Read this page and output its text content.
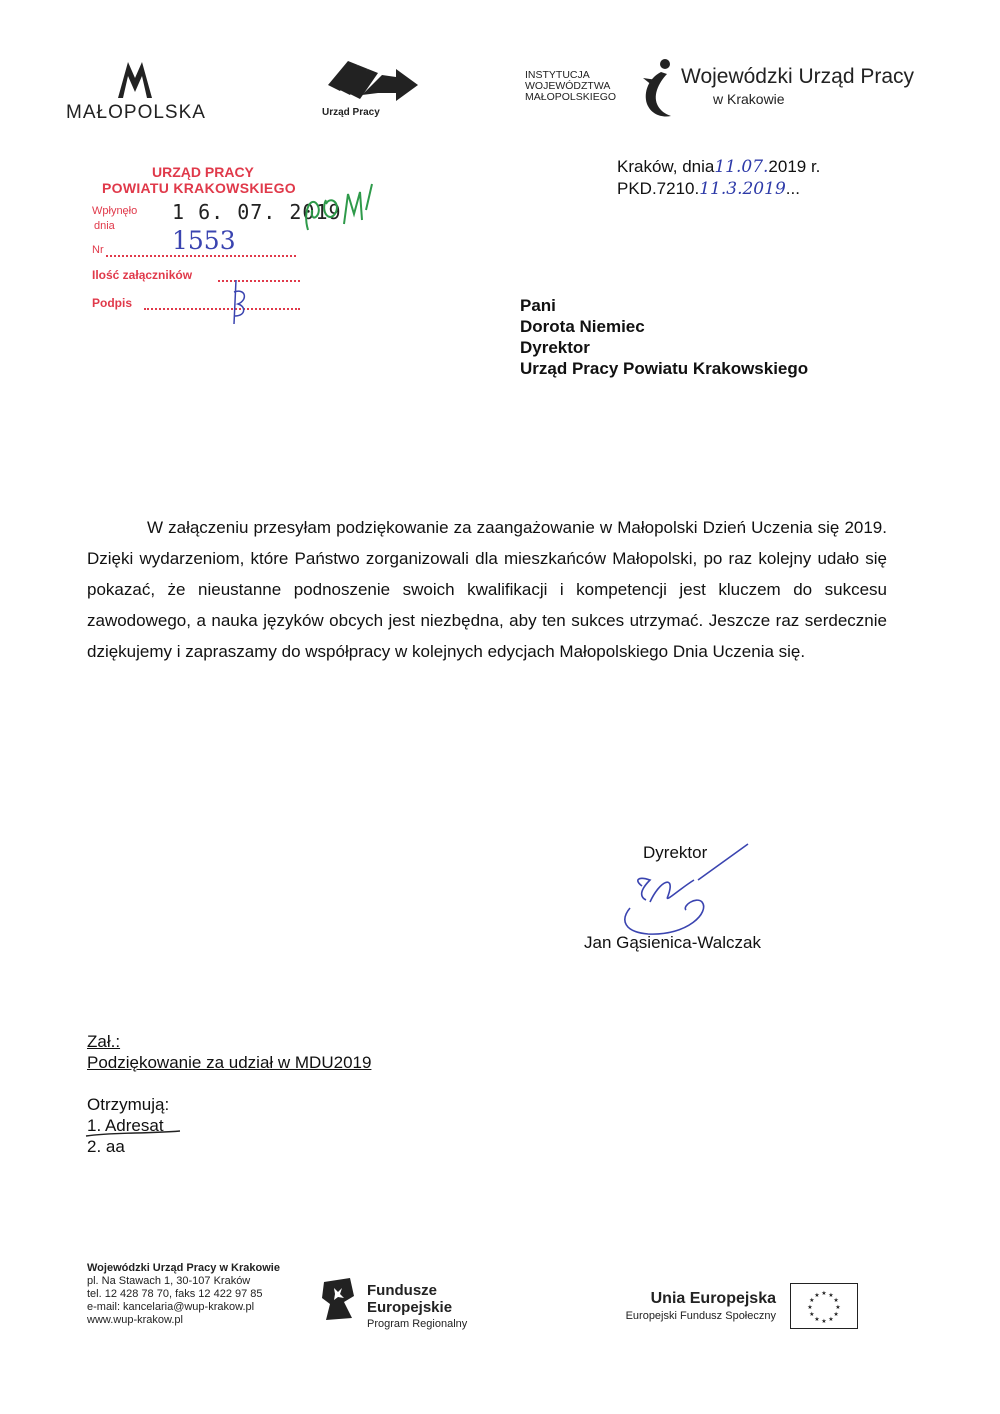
MAŁOPOLSKA	Urząd Pracy
INSTYTUCJA
WOJEWÓDZTWA
MAŁOPOLSKIEGO
Wojewódzki Urząd Pracy
w Krakowie
URZĄD PRACY
POWIATU KRAKOWSKIEGO
Wpłynęło 1 6. 07. 2019
dnia 1553
Nr
Ilość załączników
Podpis
Kraków, dnia11.07.2019 r.
PKD.7210.11.3.2019...
Pani
Dorota Niemiec
Dyrektor
Urząd Pracy Powiatu Krakowskiego
W załączeniu przesyłam podziękowanie za zaangażowanie w Małopolski Dzień Uczenia się 2019. Dzięki wydarzeniom, które Państwo zorganizowali dla mieszkańców Małopolski, po raz kolejny udało się pokazać, że nieustanne podnoszenie swoich kwalifikacji i kompetencji jest kluczem do sukcesu zawodowego, a nauka języków obcych jest niezbędna, aby ten sukces utrzymać. Jeszcze raz serdecznie dziękujemy i zapraszamy do współpracy w kolejnych edycjach Małopolskiego Dnia Uczenia się.
Dyrektor
Jan Gąsienica-Walczak
Zał.:
Podziękowanie za udział w MDU2019
Otrzymują:
1. Adresat
2. aa
Wojewódzki Urząd Pracy w Krakowie
pl. Na Stawach 1, 30-107 Kraków
tel. 12 428 78 70, faks 12 422 97 85
e-mail: kancelaria@wup-krakow.pl
www.wup-krakow.pl
Fundusze
Europejskie
Program Regionalny
Unia Europejska
Europejski Fundusz Społeczny
★
★
★
★
★
★
★
★
★ ★ ★
★
